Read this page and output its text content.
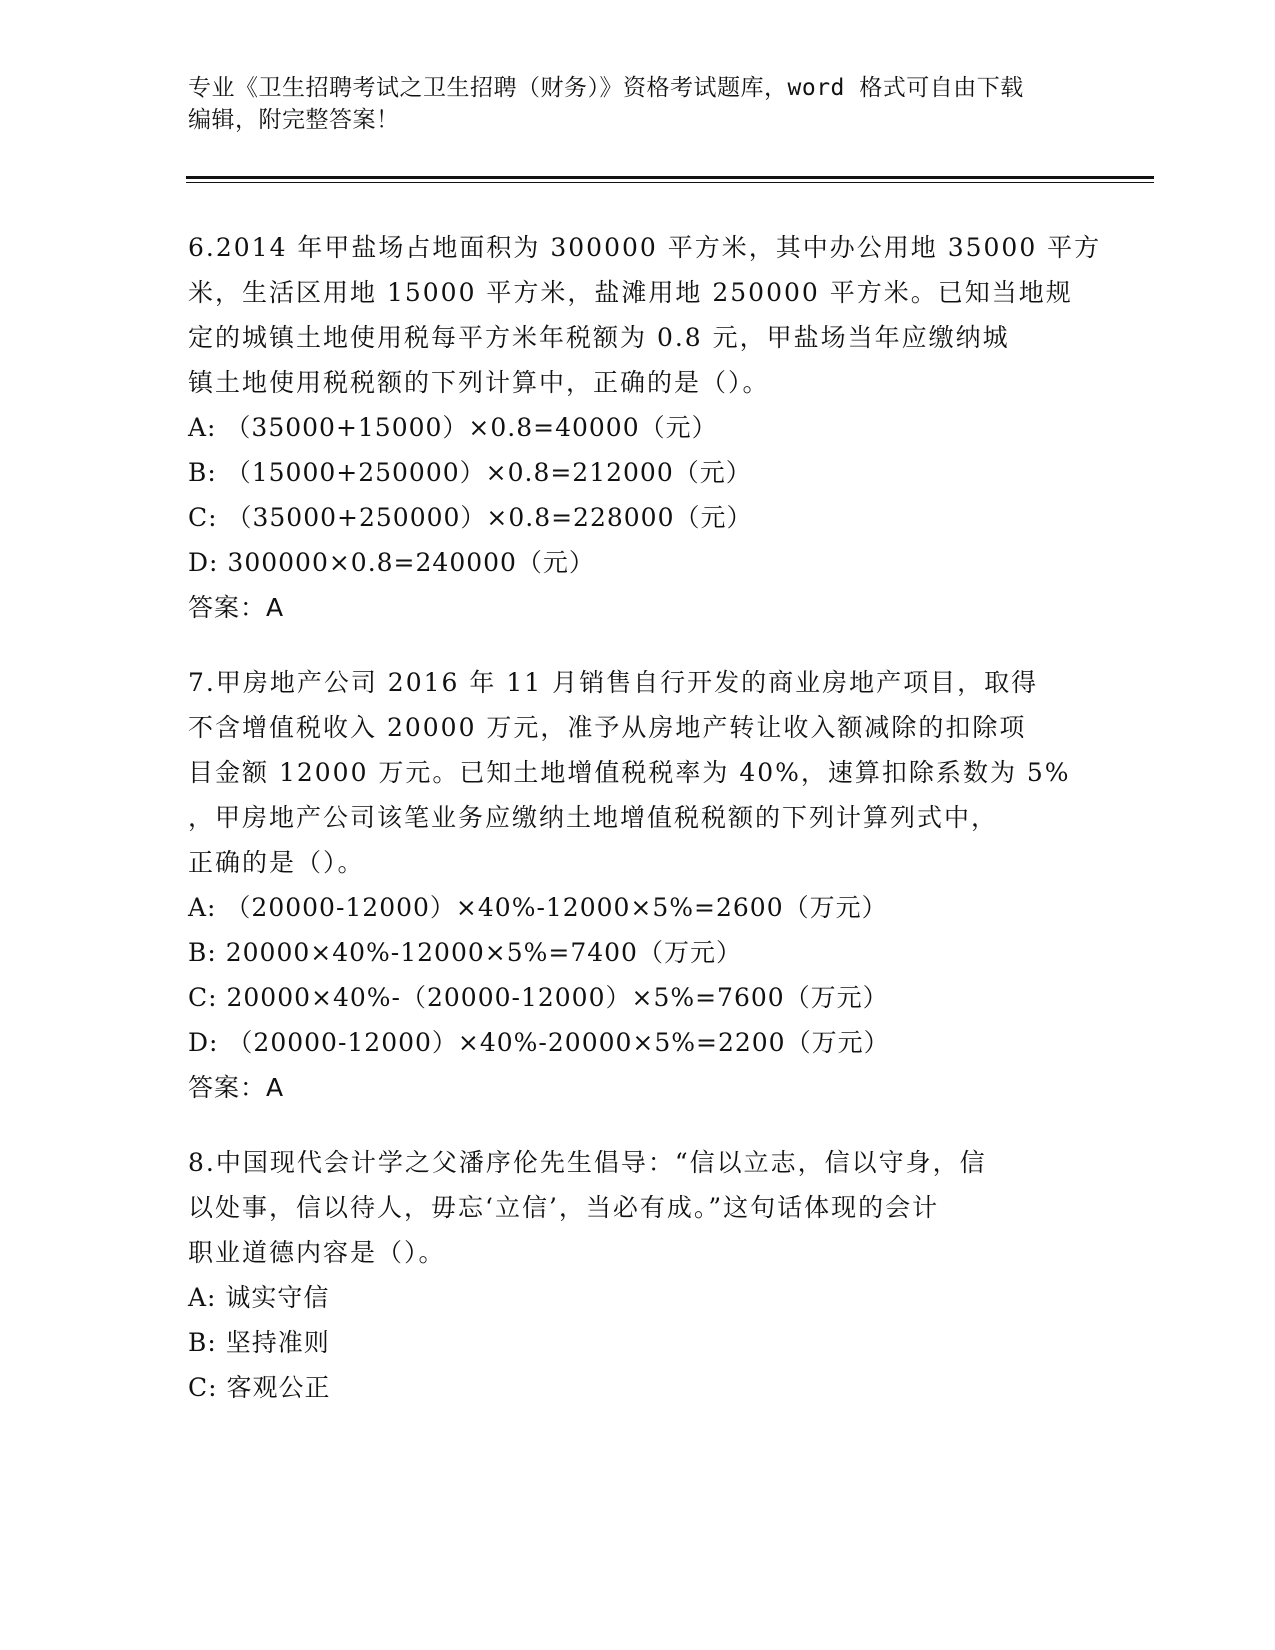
专业《卫生招聘考试之卫生招聘（财务）》资格考试题库，word 格式可自由下载
编辑，附完整答案！
6.2014 年甲盐场占地面积为 300000 平方米，其中办公用地 35000 平方
米，生活区用地 15000 平方米，盐滩用地 250000 平方米。已知当地规
定的城镇土地使用税每平方米年税额为 0.8 元，甲盐场当年应缴纳城
镇土地使用税税额的下列计算中，正确的是（）。
A: （35000+15000）×0.8=40000（元）
B: （15000+250000）×0.8=212000（元）
C: （35000+250000）×0.8=228000（元）
D: 300000×0.8=240000（元）
答案：A
7.甲房地产公司 2016 年 11 月销售自行开发的商业房地产项目，取得
不含增值税收入 20000 万元，准予从房地产转让收入额减除的扣除项
目金额 12000 万元。已知土地增值税税率为 40%，速算扣除系数为 5%
，甲房地产公司该笔业务应缴纳土地增值税税额的下列计算列式中，
正确的是（）。
A: （20000-12000）×40%-12000×5%=2600（万元）
B: 20000×40%-12000×5%=7400（万元）
C: 20000×40%-（20000-12000）×5%=7600（万元）
D: （20000-12000）×40%-20000×5%=2200（万元）
答案：A
8.中国现代会计学之父潘序伦先生倡导：“信以立志，信以守身，信
以处事，信以待人，毋忘‘立信’，当必有成。”这句话体现的会计
职业道德内容是（）。
A: 诚实守信
B: 坚持准则
C: 客观公正
